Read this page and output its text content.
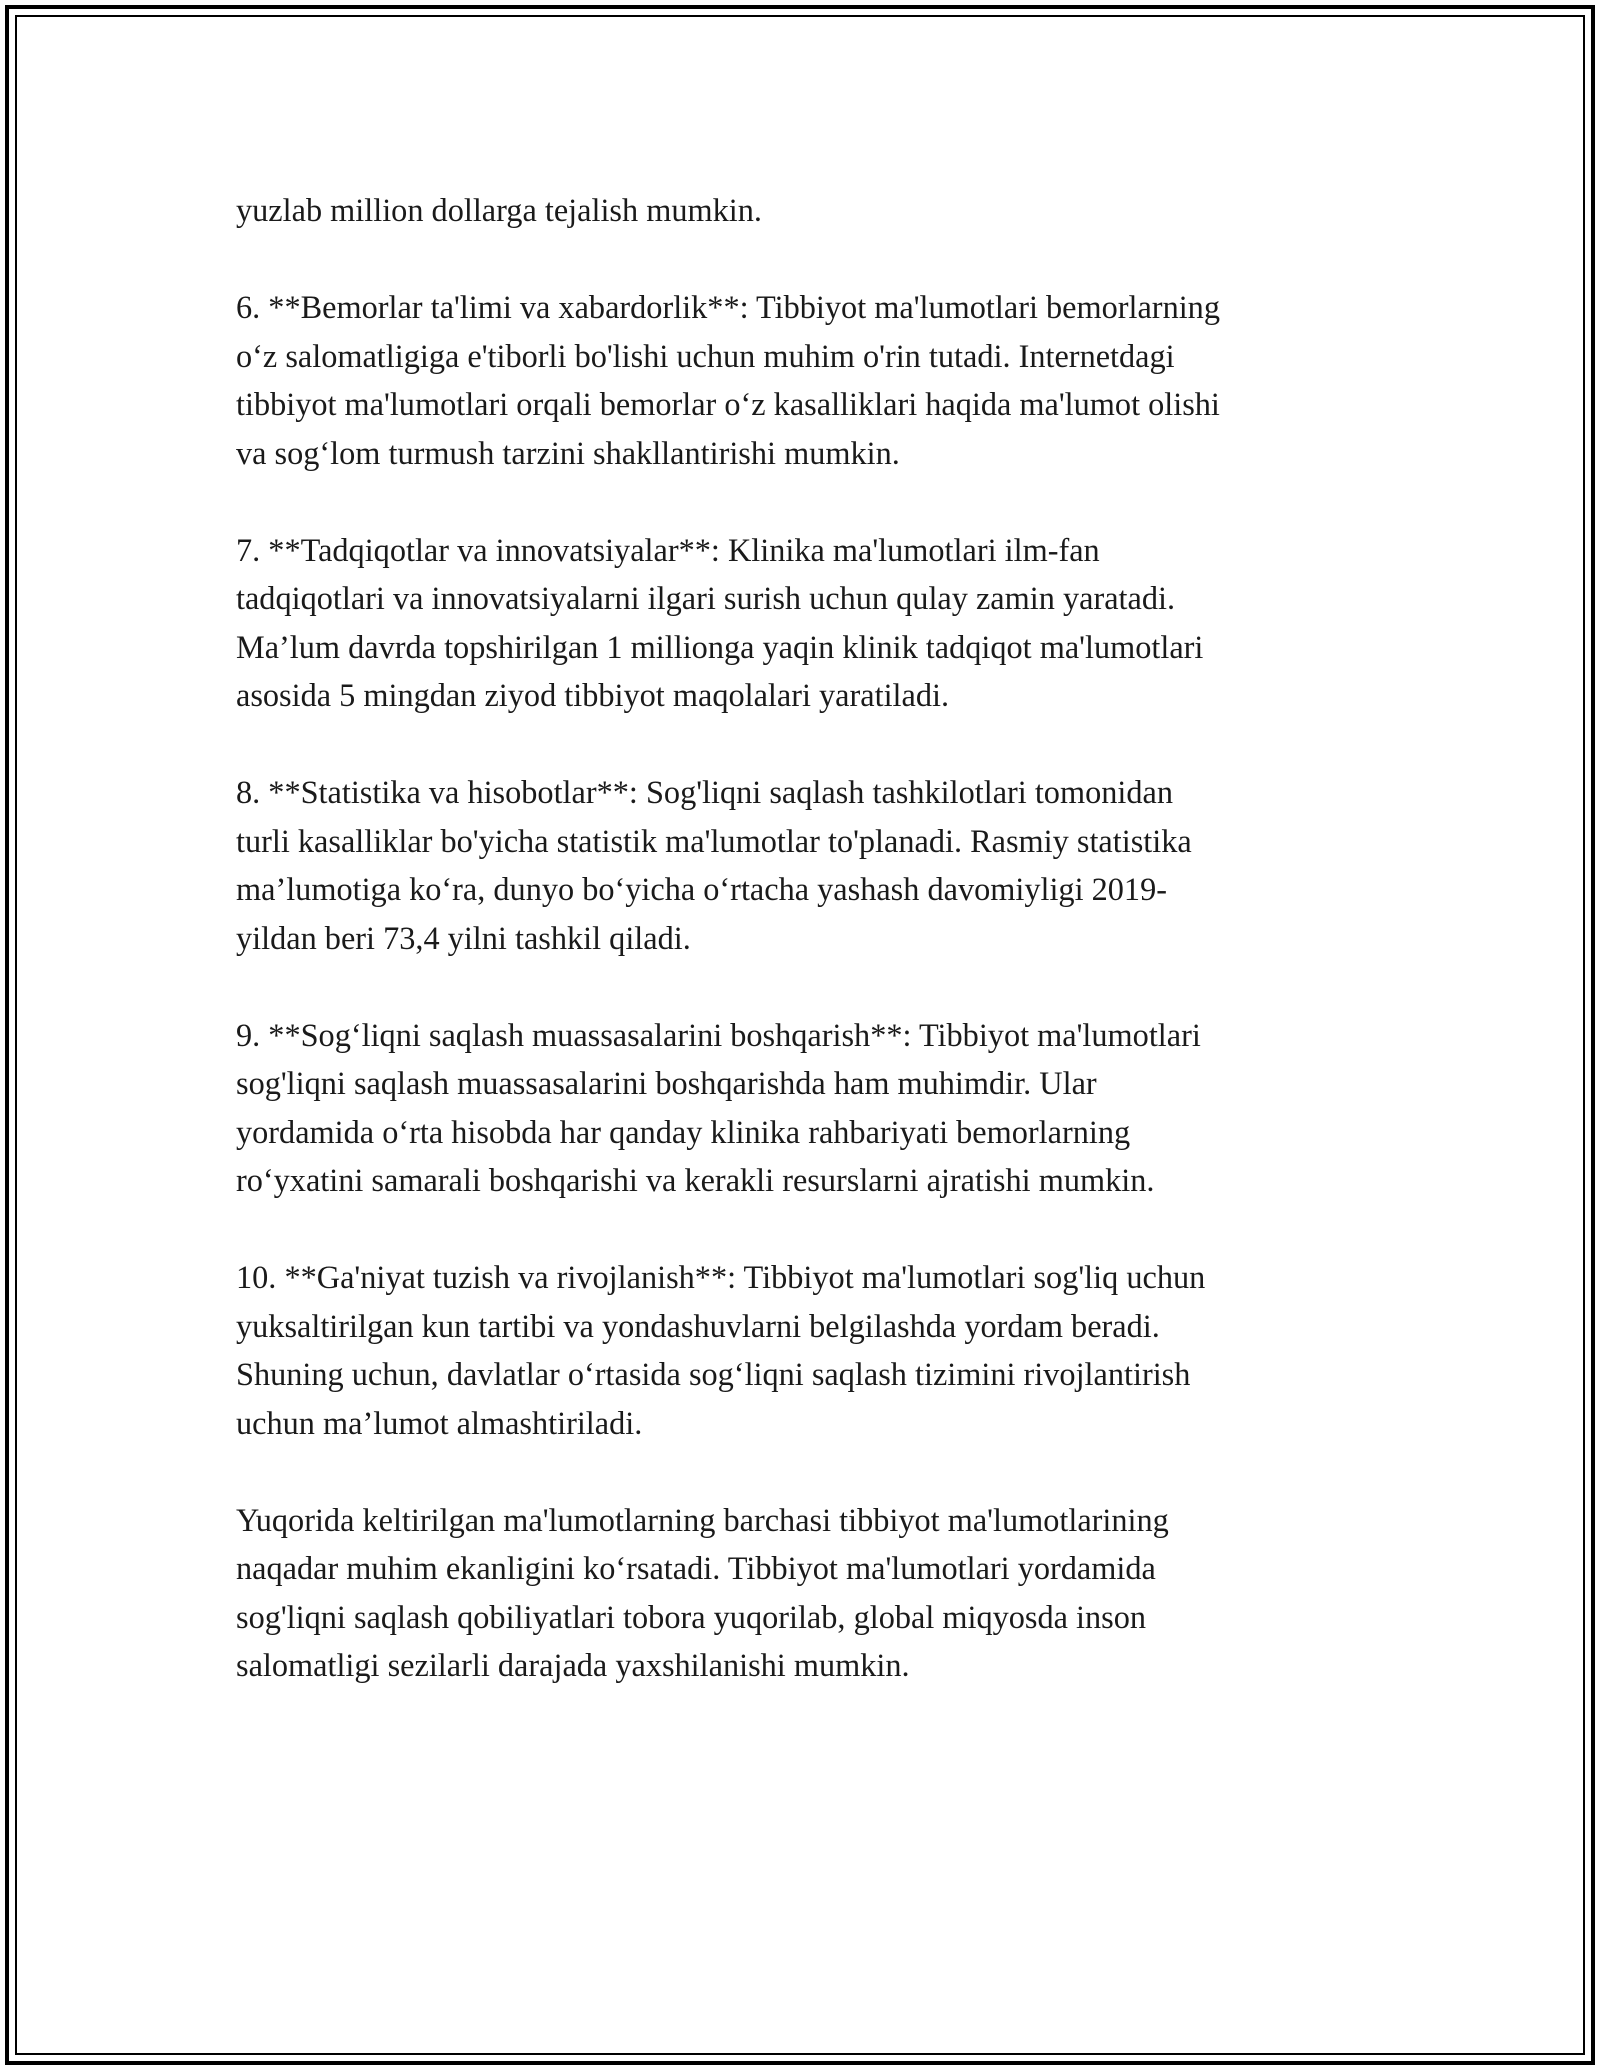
yuzlab million dollarga tejalish mumkin.

6. **Bemorlar ta'limi va xabardorlik**: Tibbiyot ma'lumotlari bemorlarning
o‘z salomatligiga e'tiborli bo'lishi uchun muhim o'rin tutadi. Internetdagi
tibbiyot ma'lumotlari orqali bemorlar o‘z kasalliklari haqida ma'lumot olishi
va sog‘lom turmush tarzini shakllantirishi mumkin.

7. **Tadqiqotlar va innovatsiyalar**: Klinika ma'lumotlari ilm-fan
tadqiqotlari va innovatsiyalarni ilgari surish uchun qulay zamin yaratadi.
Ma’lum davrda topshirilgan 1 millionga yaqin klinik tadqiqot ma'lumotlari
asosida 5 mingdan ziyod tibbiyot maqolalari yaratiladi.

8. **Statistika va hisobotlar**: Sog'liqni saqlash tashkilotlari tomonidan
turli kasalliklar bo'yicha statistik ma'lumotlar to'planadi. Rasmiy statistika
ma’lumotiga ko‘ra, dunyo bo‘yicha o‘rtacha yashash davomiyligi 2019-
yildan beri 73,4 yilni tashkil qiladi.

9. **Sog‘liqni saqlash muassasalarini boshqarish**: Tibbiyot ma'lumotlari
sog'liqni saqlash muassasalarini boshqarishda ham muhimdir. Ular
yordamida o‘rta hisobda har qanday klinika rahbariyati bemorlarning
ro‘yxatini samarali boshqarishi va kerakli resurslarni ajratishi mumkin.

10. **Ga'niyat tuzish va rivojlanish**: Tibbiyot ma'lumotlari sog'liq uchun
yuksaltirilgan kun tartibi va yondashuvlarni belgilashda yordam beradi.
Shuning uchun, davlatlar o‘rtasida sog‘liqni saqlash tizimini rivojlantirish
uchun ma’lumot almashtiriladi.

Yuqorida keltirilgan ma'lumotlarning barchasi tibbiyot ma'lumotlarining
naqadar muhim ekanligini ko‘rsatadi. Tibbiyot ma'lumotlari yordamida
sog'liqni saqlash qobiliyatlari tobora yuqorilab, global miqyosda inson
salomatligi sezilarli darajada yaxshilanishi mumkin.
